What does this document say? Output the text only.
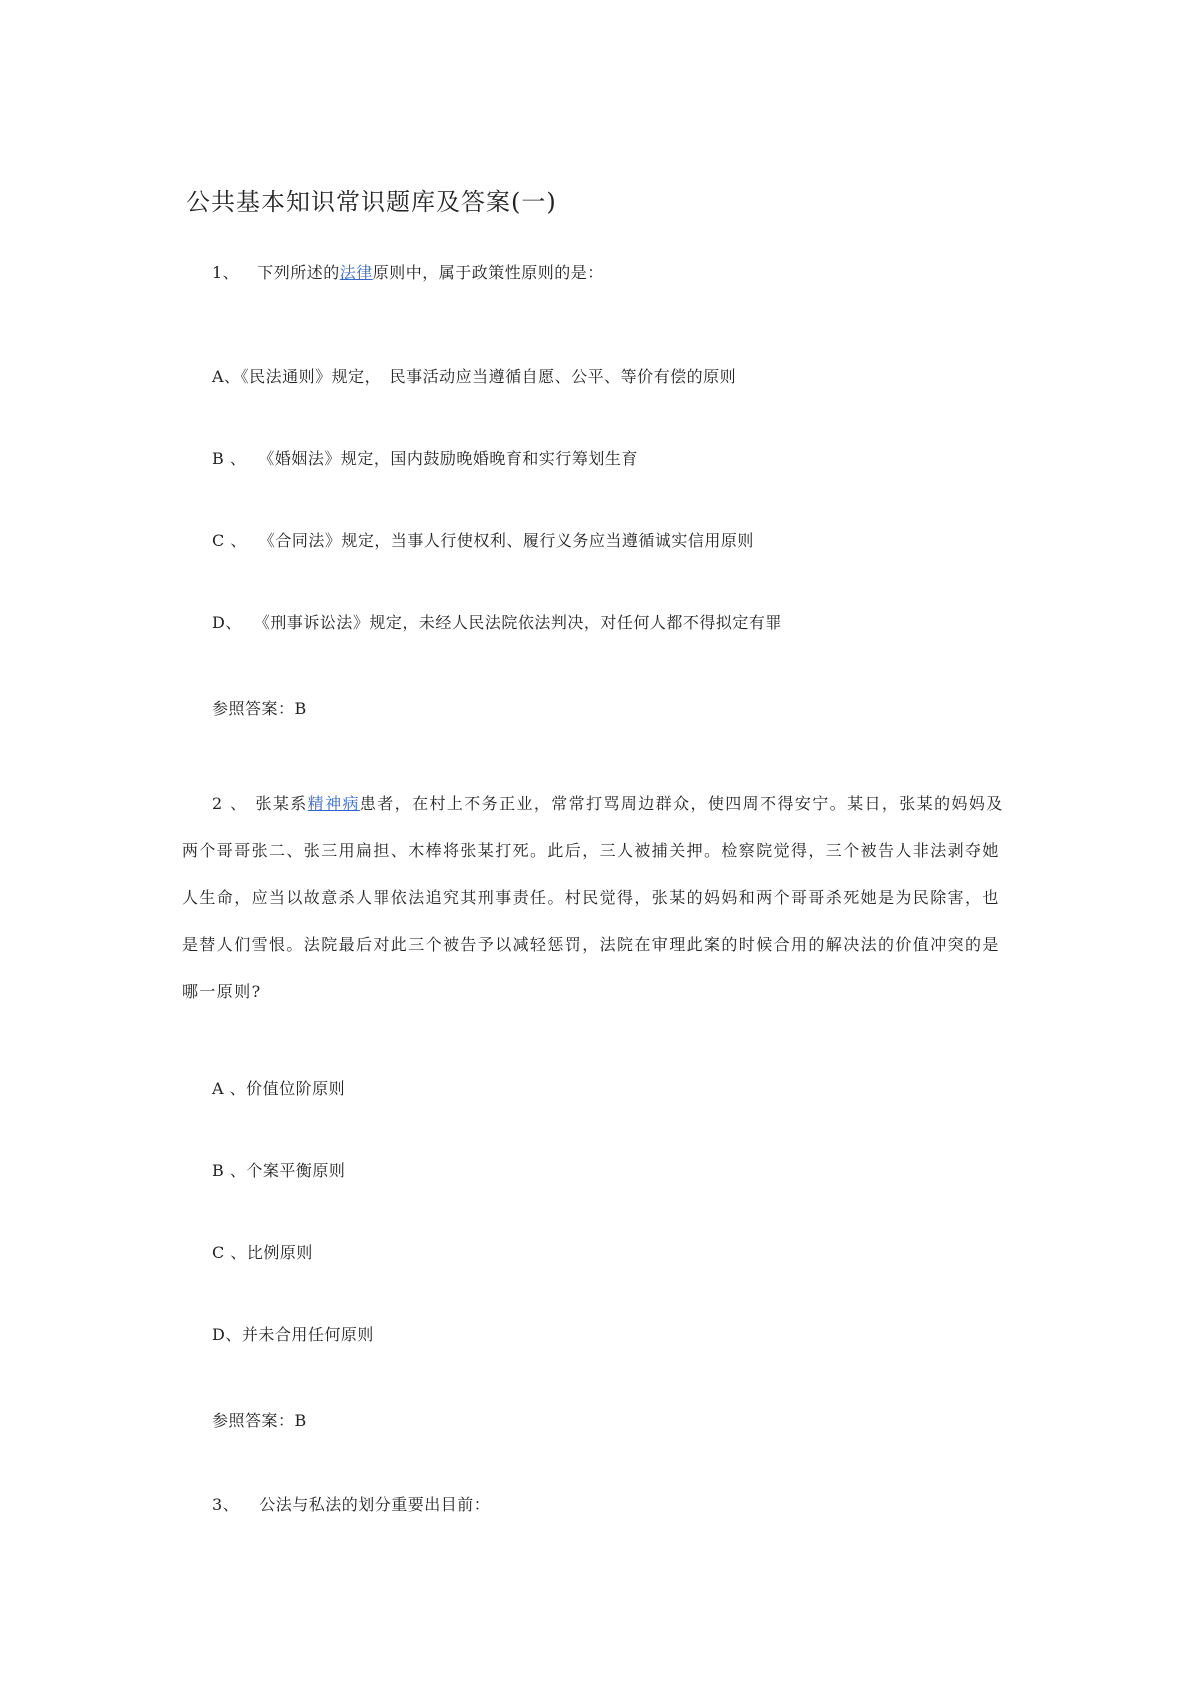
公共基本知识常识题库及答案(一)
1、 下列所述的法律原则中，属于政策性原则的是：
A、《民法通则》规定，　民事活动应当遵循自愿、公平、等价有偿的原则
B 、 《婚姻法》规定，国内鼓励晚婚晚育和实行筹划生育
C 、 《合同法》规定，当事人行使权利、履行义务应当遵循诚实信用原则
D、 《刑事诉讼法》规定，未经人民法院依法判决，对任何人都不得拟定有罪
参照答案：B
2 、 张某系精神病患者，在村上不务正业，常常打骂周边群众，使四周不得安宁。某日，张某的妈妈及两个哥哥张二、张三用扁担、木棒将张某打死。此后，三人被捕关押。检察院觉得，三个被告人非法剥夺她人生命，应当以故意杀人罪依法追究其刑事责任。村民觉得，张某的妈妈和两个哥哥杀死她是为民除害，也是替人们雪恨。法院最后对此三个被告予以减轻惩罚，法院在审理此案的时候合用的解决法的价值冲突的是哪一原则?
A 、价值位阶原则
B 、个案平衡原则
C 、比例原则
D、并未合用任何原则
参照答案：B
3、 公法与私法的划分重要出目前：
